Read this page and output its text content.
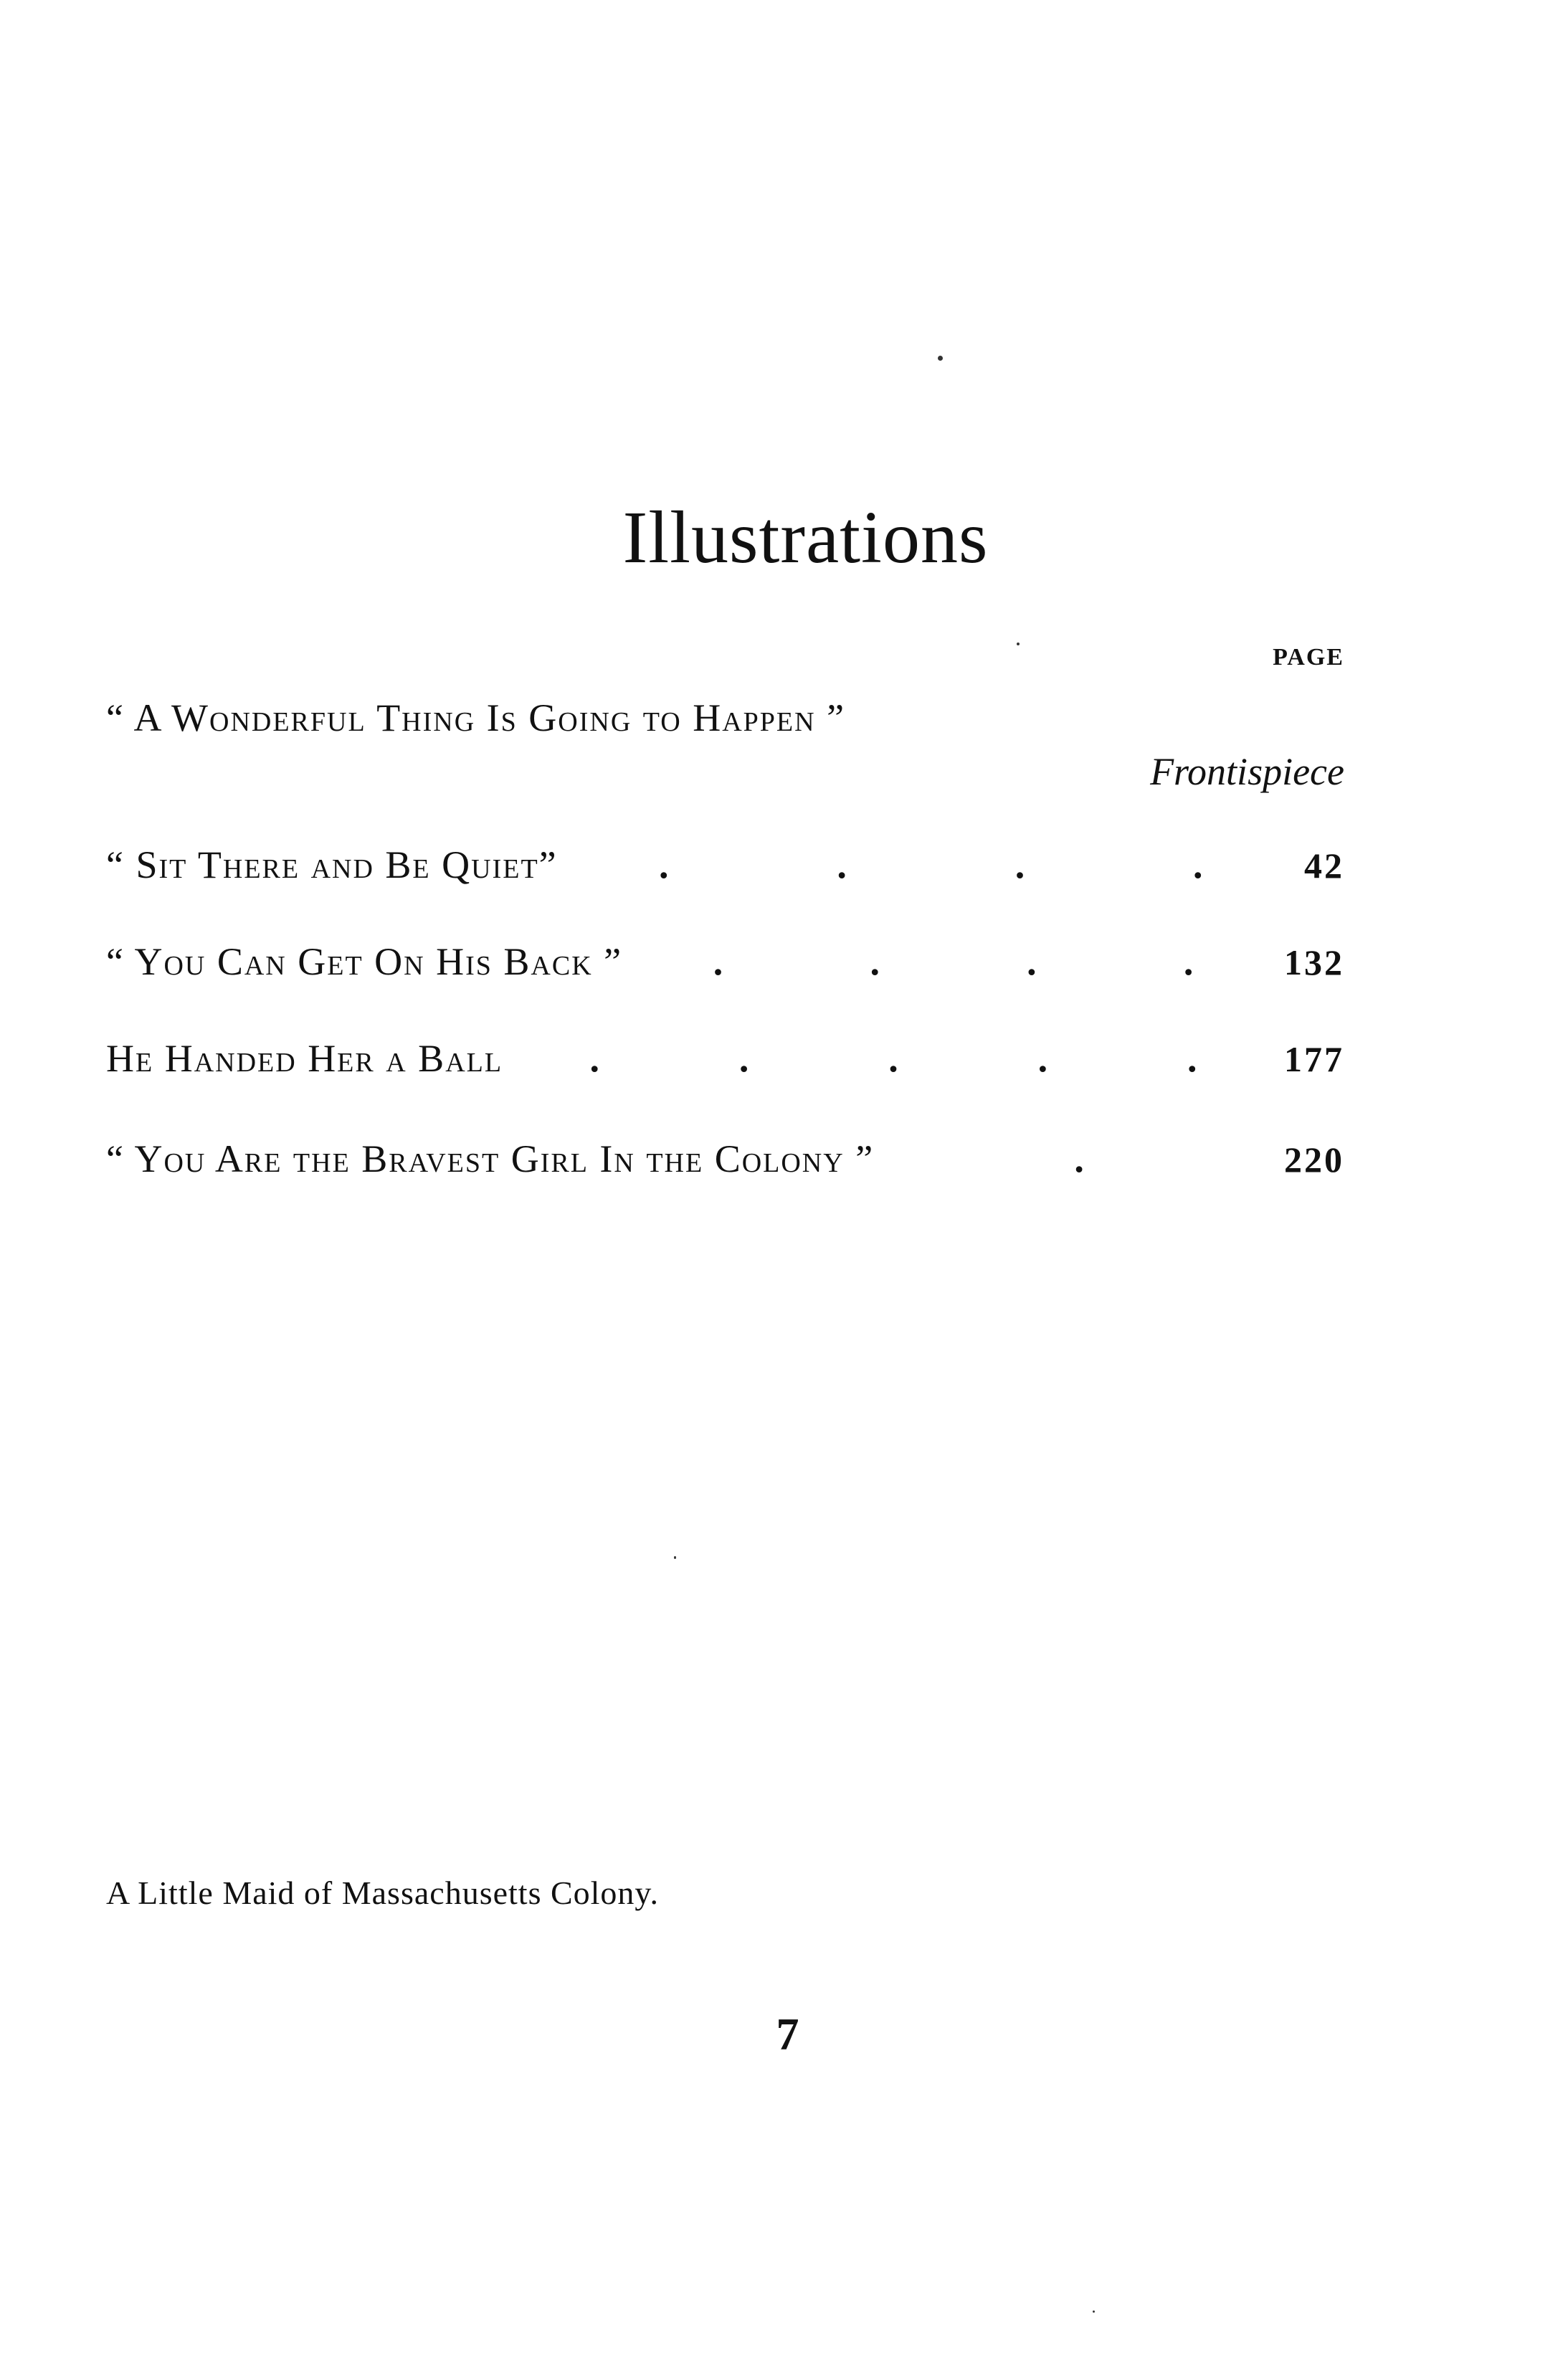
Illustrations
PAGE
“ A Wonderful Thing Is Going to Happen ”
Frontispiece
“ Sit There and Be Quiet”	.	.	.	.	42
“ You Can Get On His Back ” .	.	.	.	132
He Handed Her a Ball .	.	.	.	. 177
“ You Are the Bravest Girl In the Colony ”	.	220
A Little Maid of Massachusetts Colony.
7
